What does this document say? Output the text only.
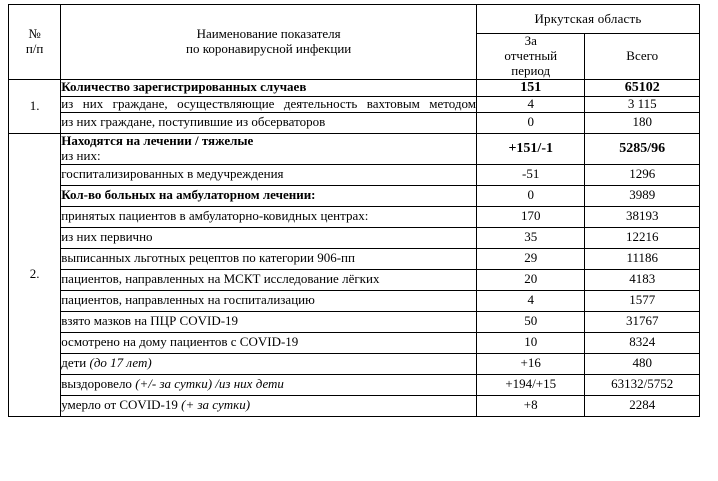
№
п/п

Наименование показателя
по коронавирусной инфекции
	Иркутская область

		За
отчетный
период	Всего
1.	Количество зарегистрированных случаев	151	65102
	из них граждане, осуществляющие деятельность вахтовым методом	4	3 115
	из них граждане, поступившие из обсерваторов	0	180
2.	Находятся на лечении / тяжелые
из них:	+151/-1	5285/96
	госпитализированных в медучреждения	-51	1296
	Кол-во больных на амбулаторном лечении:	0	3989
	принятых пациентов в амбулаторно-ковидных центрах:	170	38193
	из них первично	35	12216
	выписанных льготных рецептов по категории 906-пп	29	11186
	пациентов, направленных на МСКТ исследование лёгких	20	4183
	пациентов, направленных на госпитализацию	4	1577
	взято мазков на ПЦР COVID-19	50	31767
	осмотрено на дому пациентов с COVID-19	10	8324
	дети (до 17 лет)	+16	480
	выздоровело (+/- за сутки) /из них дети	+194/+15	63132/5752
	умерло от COVID-19 (+ за сутки)	+8	2284
